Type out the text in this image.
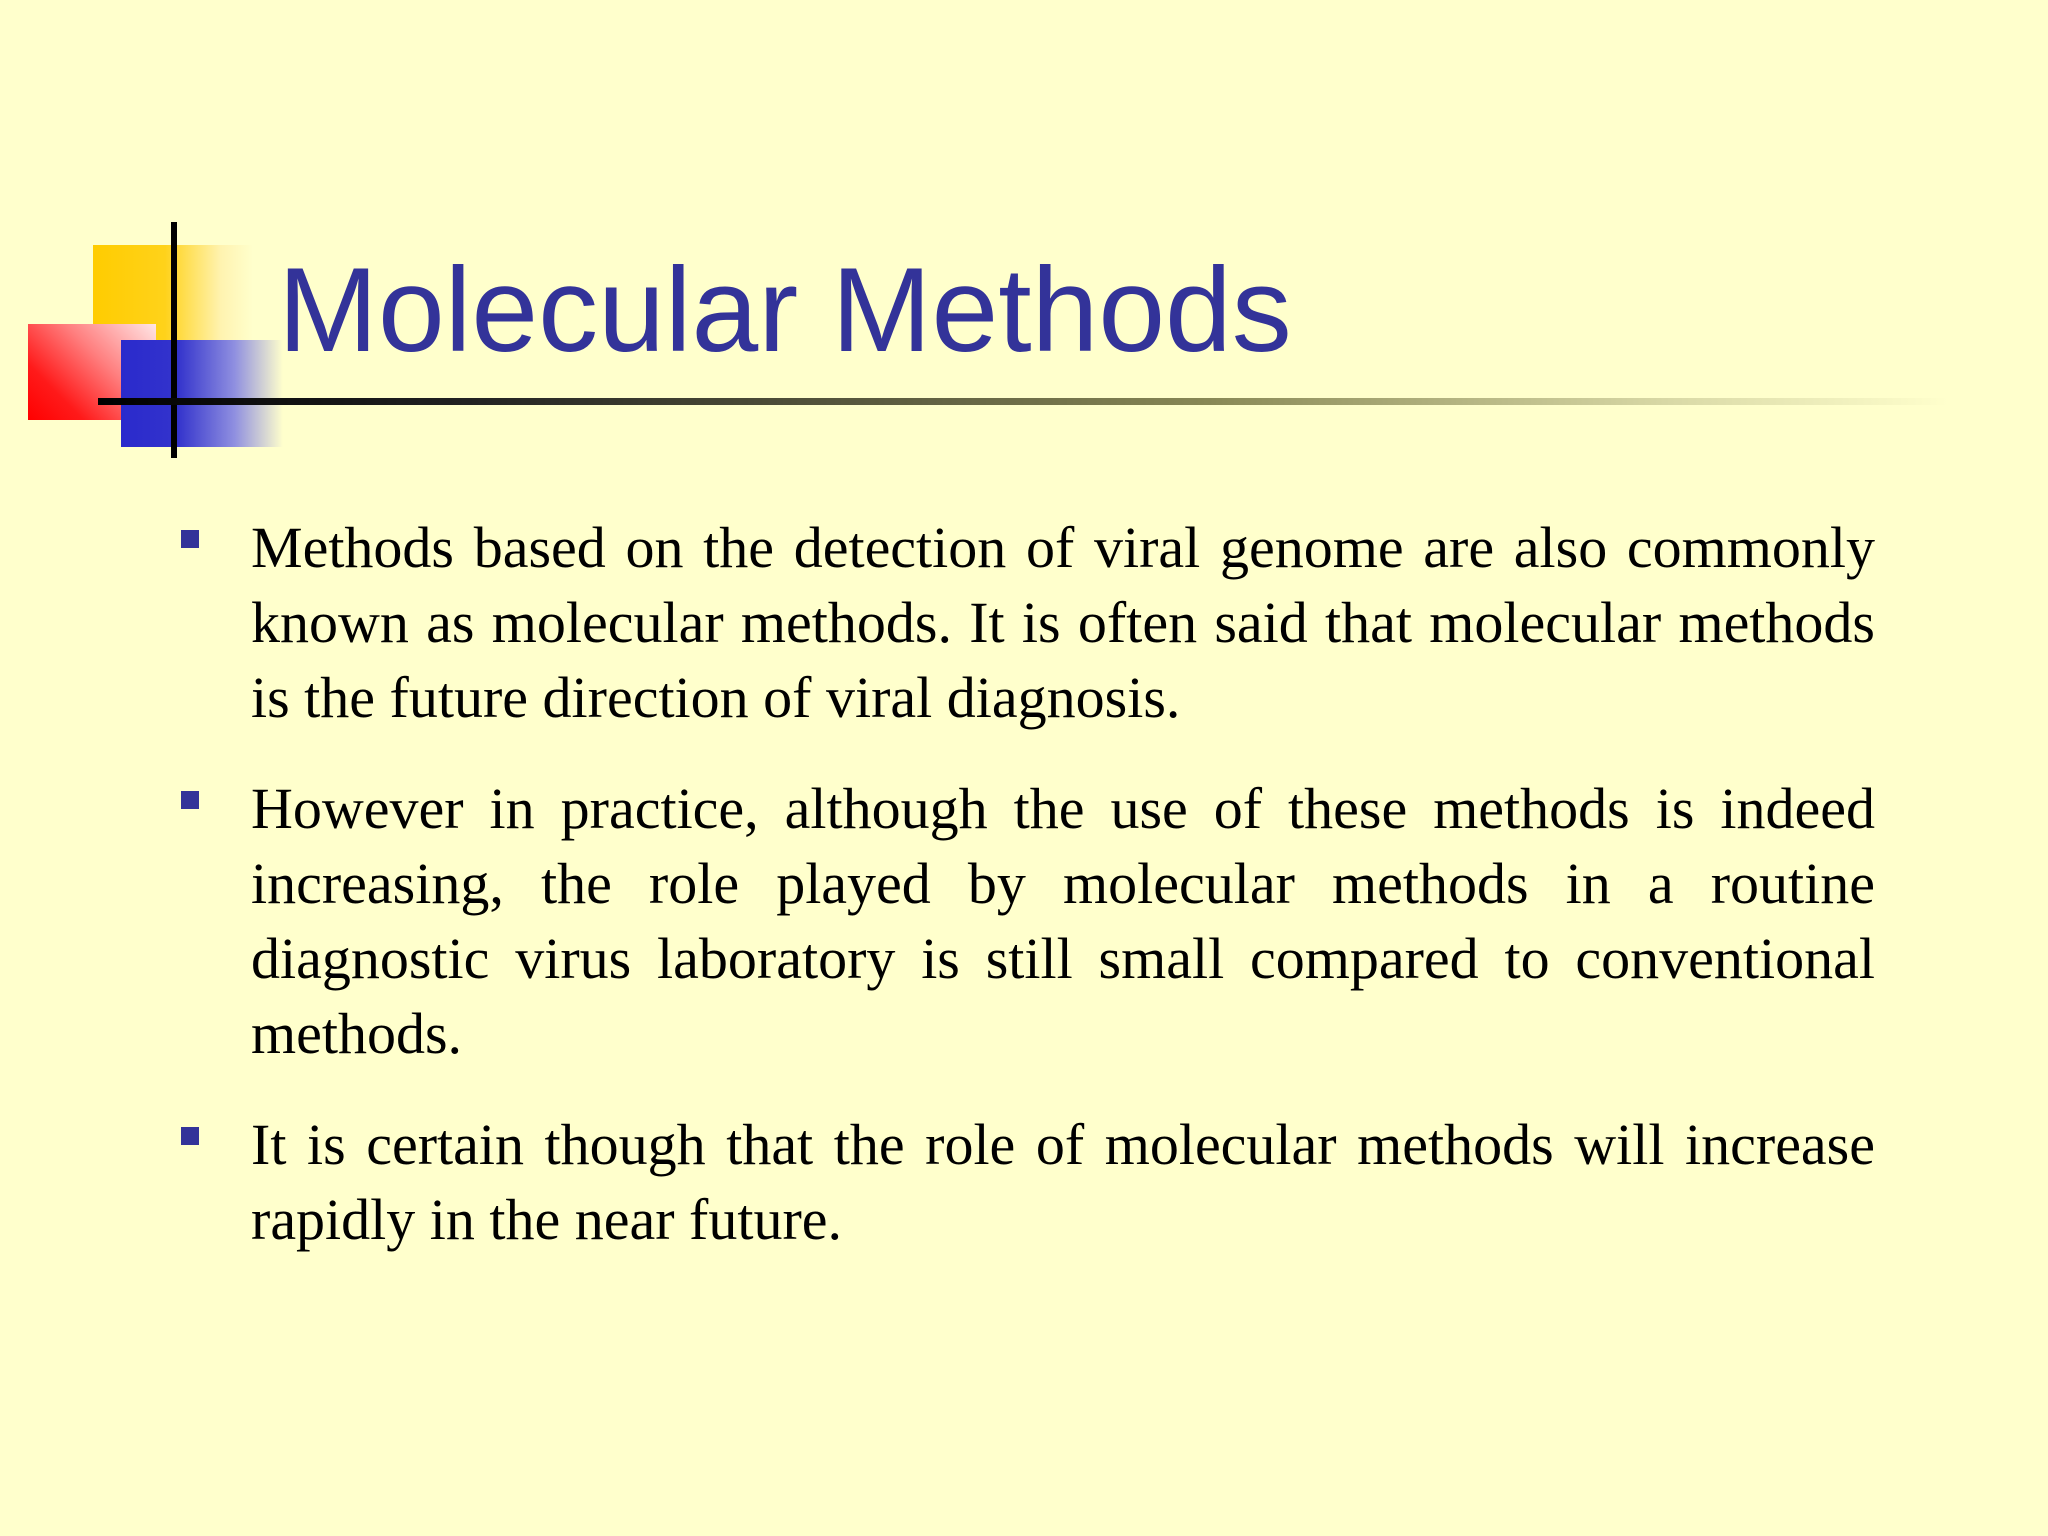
Molecular Methods
Methods based on the detection of viral genome are also commonly known as molecular methods. It is often said that molecular methods is the future direction of viral diagnosis.
However in practice, although the use of these methods is indeed increasing, the role played by molecular methods in a routine diagnostic virus laboratory is still small compared to conventional methods.
It is certain though that the role of molecular methods will increase rapidly in the near future.
